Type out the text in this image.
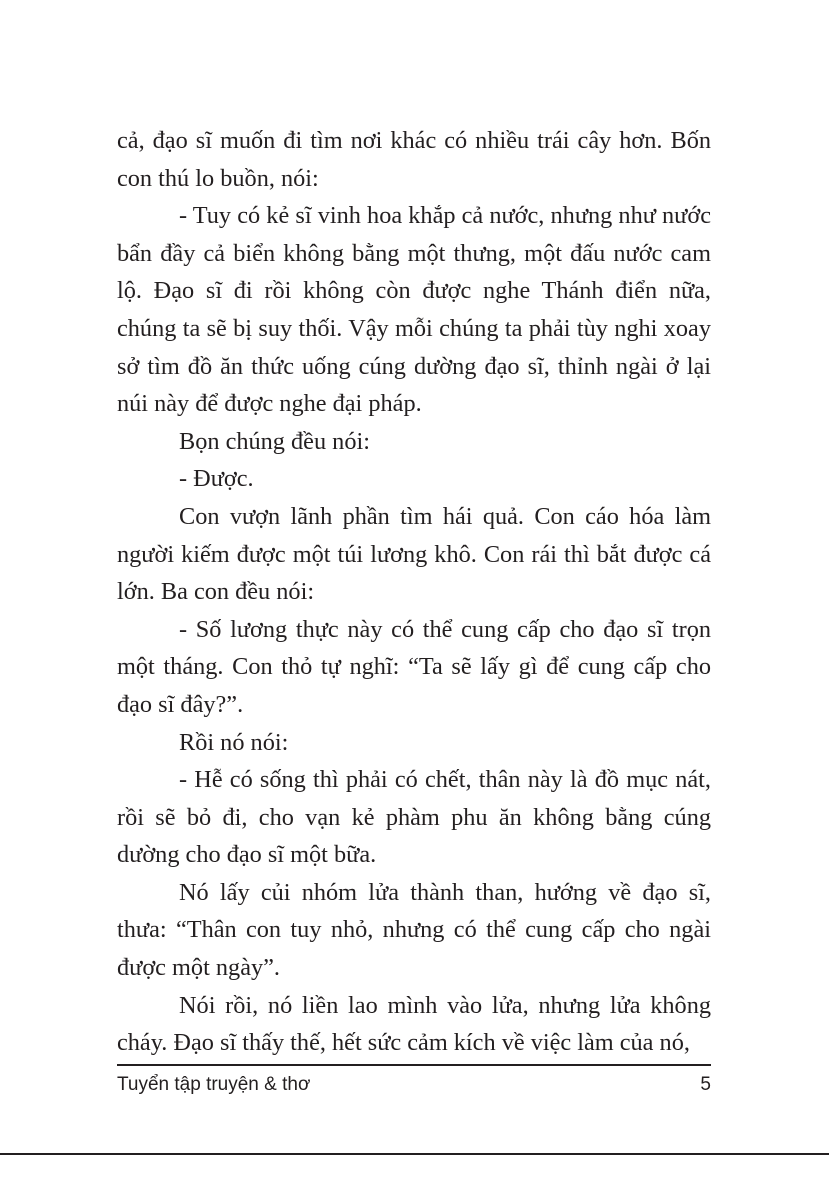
cả, đạo sĩ muốn đi tìm nơi khác có nhiều trái cây hơn. Bốn con thú lo buồn, nói:

- Tuy có kẻ sĩ vinh hoa khắp cả nước, nhưng như nước bẩn đầy cả biển không bằng một thưng, một đấu nước cam lộ. Đạo sĩ đi rồi không còn được nghe Thánh điển nữa, chúng ta sẽ bị suy thối. Vậy mỗi chúng ta phải tùy nghi xoay sở tìm đồ ăn thức uống cúng dường đạo sĩ, thỉnh ngài ở lại núi này để được nghe đại pháp.

Bọn chúng đều nói:

- Được.

Con vượn lãnh phần tìm hái quả. Con cáo hóa làm người kiếm được một túi lương khô. Con rái thì bắt được cá lớn. Ba con đều nói:

- Số lương thực này có thể cung cấp cho đạo sĩ trọn một tháng. Con thỏ tự nghĩ: “Ta sẽ lấy gì để cung cấp cho đạo sĩ đây?”.

Rồi nó nói:

- Hễ có sống thì phải có chết, thân này là đồ mục nát, rồi sẽ bỏ đi, cho vạn kẻ phàm phu ăn không bằng cúng dường cho đạo sĩ một bữa.

Nó lấy củi nhóm lửa thành than, hướng về đạo sĩ, thưa: “Thân con tuy nhỏ, nhưng có thể cung cấp cho ngài được một ngày”.

Nói rồi, nó liền lao mình vào lửa, nhưng lửa không cháy. Đạo sĩ thấy thế, hết sức cảm kích về việc làm của nó,

Tuyển tập truyện & thơ	5
